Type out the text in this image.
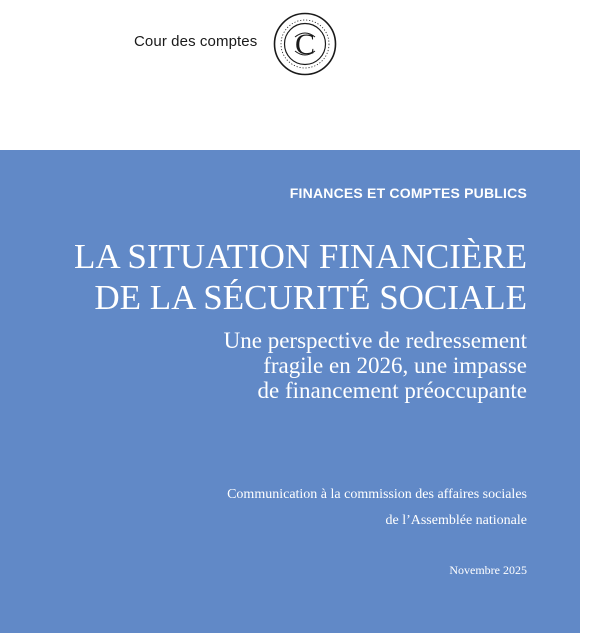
Cour des comptes C
FINANCES ET COMPTES PUBLICS
LA SITUATION FINANCIÈRE
DE LA SÉCURITÉ SOCIALE

Une perspective de redressement
fragile en 2026, une impasse
de financement préoccupante

Communication à la commission des affaires sociales
de l’Assemblée nationale
Novembre 2025
